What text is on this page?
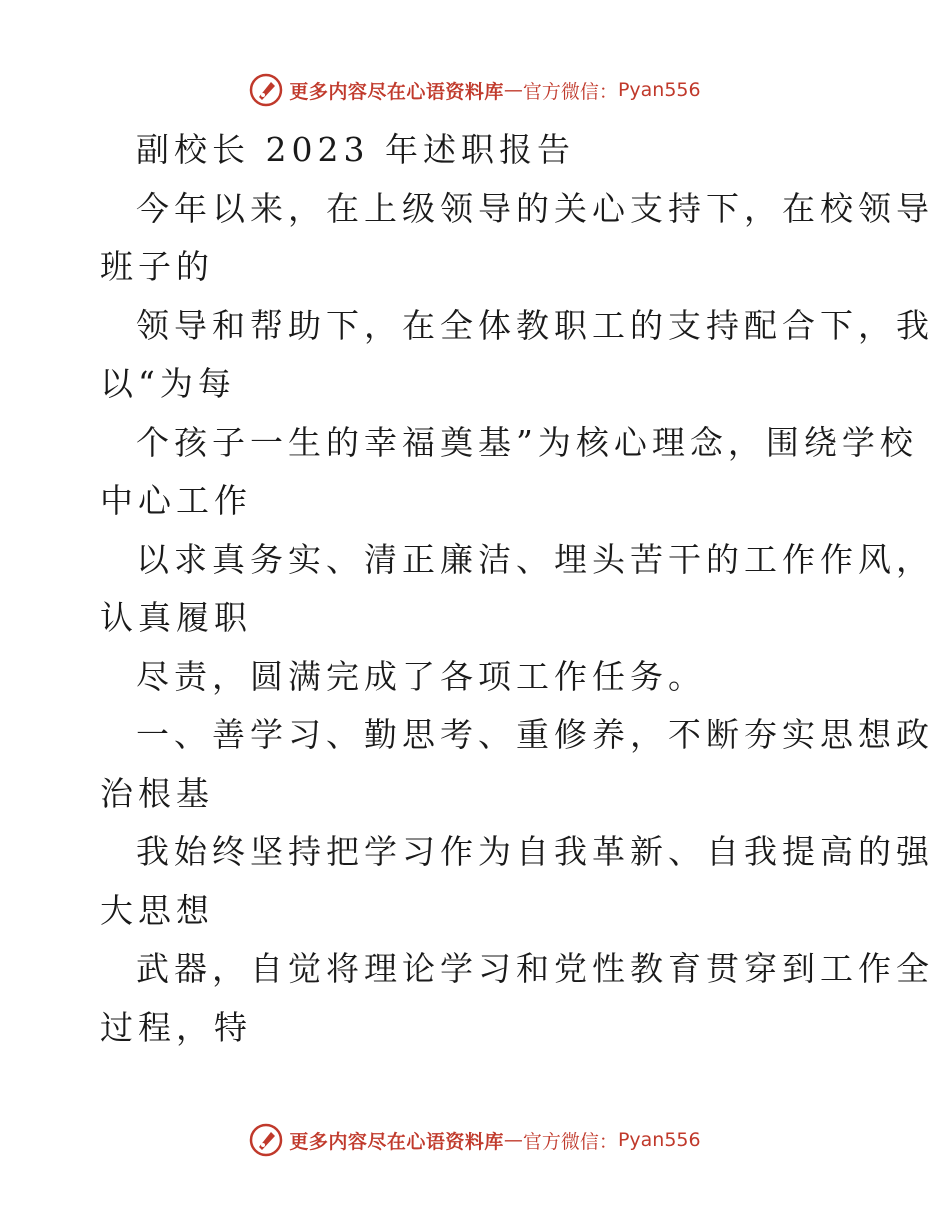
更多内容尽在心语资料库 — 官方微信： Pyan556
副校长 2023 年述职报告
今年以来，在上级领导的关心支持下，在校领导
班子的
领导和帮助下，在全体教职工的支持配合下，我
以“为每
个孩子一生的幸福奠基”为核心理念，围绕学校
中心工作
以求真务实、清正廉洁、埋头苦干的工作作风，
认真履职
尽责，圆满完成了各项工作任务。
一、善学习、勤思考、重修养，不断夯实思想政
治根基
我始终坚持把学习作为自我革新、自我提高的强
大思想
武器，自觉将理论学习和党性教育贯穿到工作全
过程，特
更多内容尽在心语资料库 — 官方微信： Pyan556
